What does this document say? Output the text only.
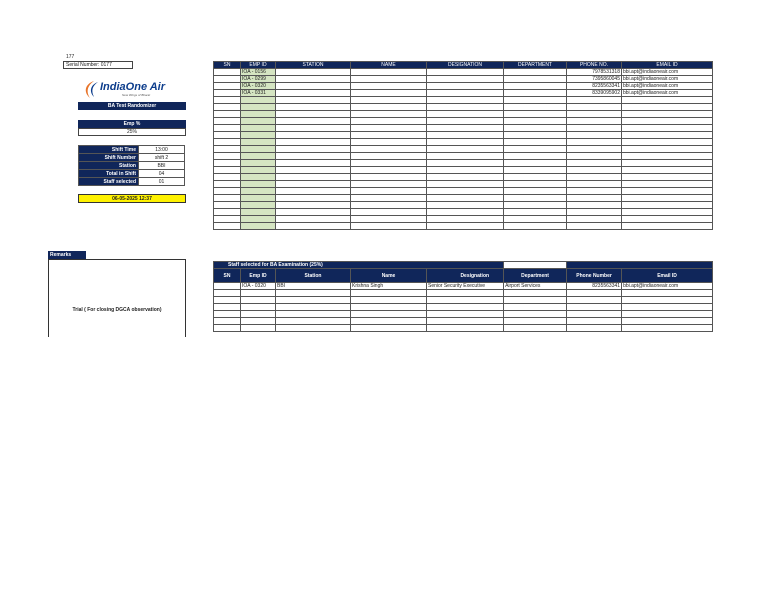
177
Serial Number: 0177
IndiaOne Air
New Wings of Bharat
BA Test Randomizer
Emp %
25%
Shift Time	13:00
Shift Number	shift 2
Station	BBI
Total in Shift	04
Staff selected	01
06-05-2025 12:37
SN	EMP ID	STATION	NAME	DESIGNATION	DEPARTMENT	PHONE NO.	EMAIL ID
	IOA - 0156					7978531318	bbi.apt@indiaoneair.com
	IOA - 0299					7395860045	bbi.apt@indiaoneair.com
	IOA - 0320					8235563341	bbi.apt@indiaoneair.com
	IOA - 0331					8339095902	bbi.apt@indiaoneair.com

Remarks
Trial ( For closing DGCA observation)
Staff selected for BA Examination (25%)							
SN	Emp ID	Station	Name	Designation	Department	Phone Number	Email ID
	IOA - 0320	BBI	Krishna Singh	Senior Security Executive	Airport Services	8235563341	bbi.apt@indiaoneair.com
